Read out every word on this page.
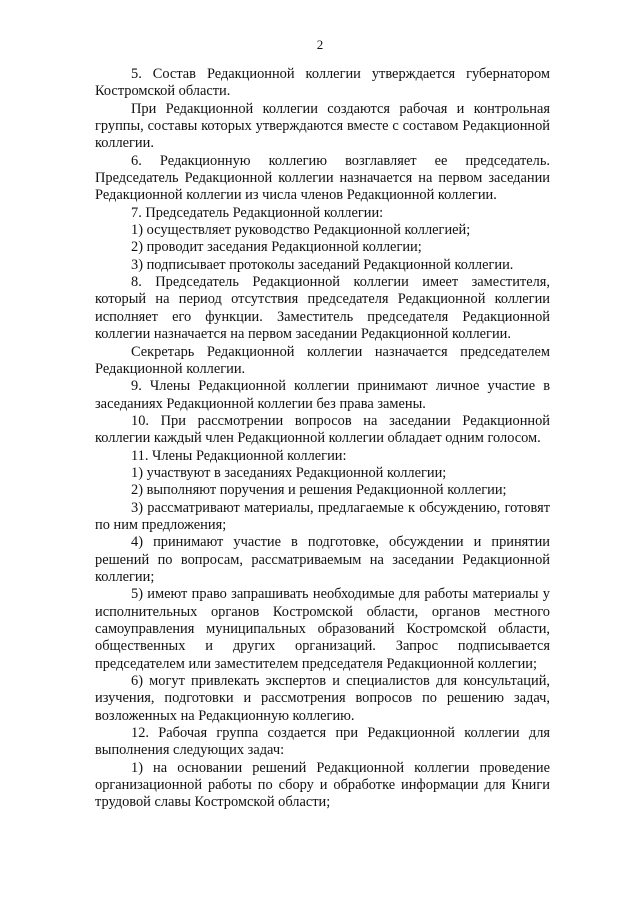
2

5. Состав Редакционной коллегии утверждается губернатором Костромской области.

При Редакционной коллегии создаются рабочая и контрольная группы, составы которых утверждаются вместе с составом Редакционной коллегии.

6. Редакционную коллегию возглавляет ее председатель. Председатель Редакционной коллегии назначается на первом заседании Редакционной коллегии из числа членов Редакционной коллегии.

7. Председатель Редакционной коллегии:

1) осуществляет руководство Редакционной коллегией;

2) проводит заседания Редакционной коллегии;

3) подписывает протоколы заседаний Редакционной коллегии.

8. Председатель Редакционной коллегии имеет заместителя, который на период отсутствия председателя Редакционной коллегии исполняет его функции. Заместитель председателя Редакционной коллегии назначается на первом заседании Редакционной коллегии.

Секретарь Редакционной коллегии назначается председателем Редакционной коллегии.

9. Члены Редакционной коллегии принимают личное участие в заседаниях Редакционной коллегии без права замены.

10. При рассмотрении вопросов на заседании Редакционной коллегии каждый член Редакционной коллегии обладает одним голосом.

11. Члены Редакционной коллегии:

1) участвуют в заседаниях Редакционной коллегии;

2) выполняют поручения и решения Редакционной коллегии;

3) рассматривают материалы, предлагаемые к обсуждению, готовят по ним предложения;

4) принимают участие в подготовке, обсуждении и принятии решений по вопросам, рассматриваемым на заседании Редакционной коллегии;

5) имеют право запрашивать необходимые для работы материалы у исполнительных органов Костромской области, органов местного самоуправления муниципальных образований Костромской области, общественных и других организаций. Запрос подписывается председателем или заместителем председателя Редакционной коллегии;

6) могут привлекать экспертов и специалистов для консультаций, изучения, подготовки и рассмотрения вопросов по решению задач, возложенных на Редакционную коллегию.

12. Рабочая группа создается при Редакционной коллегии для выполнения следующих задач:

1) на основании решений Редакционной коллегии проведение организационной работы по сбору и обработке информации для Книги трудовой славы Костромской области;
